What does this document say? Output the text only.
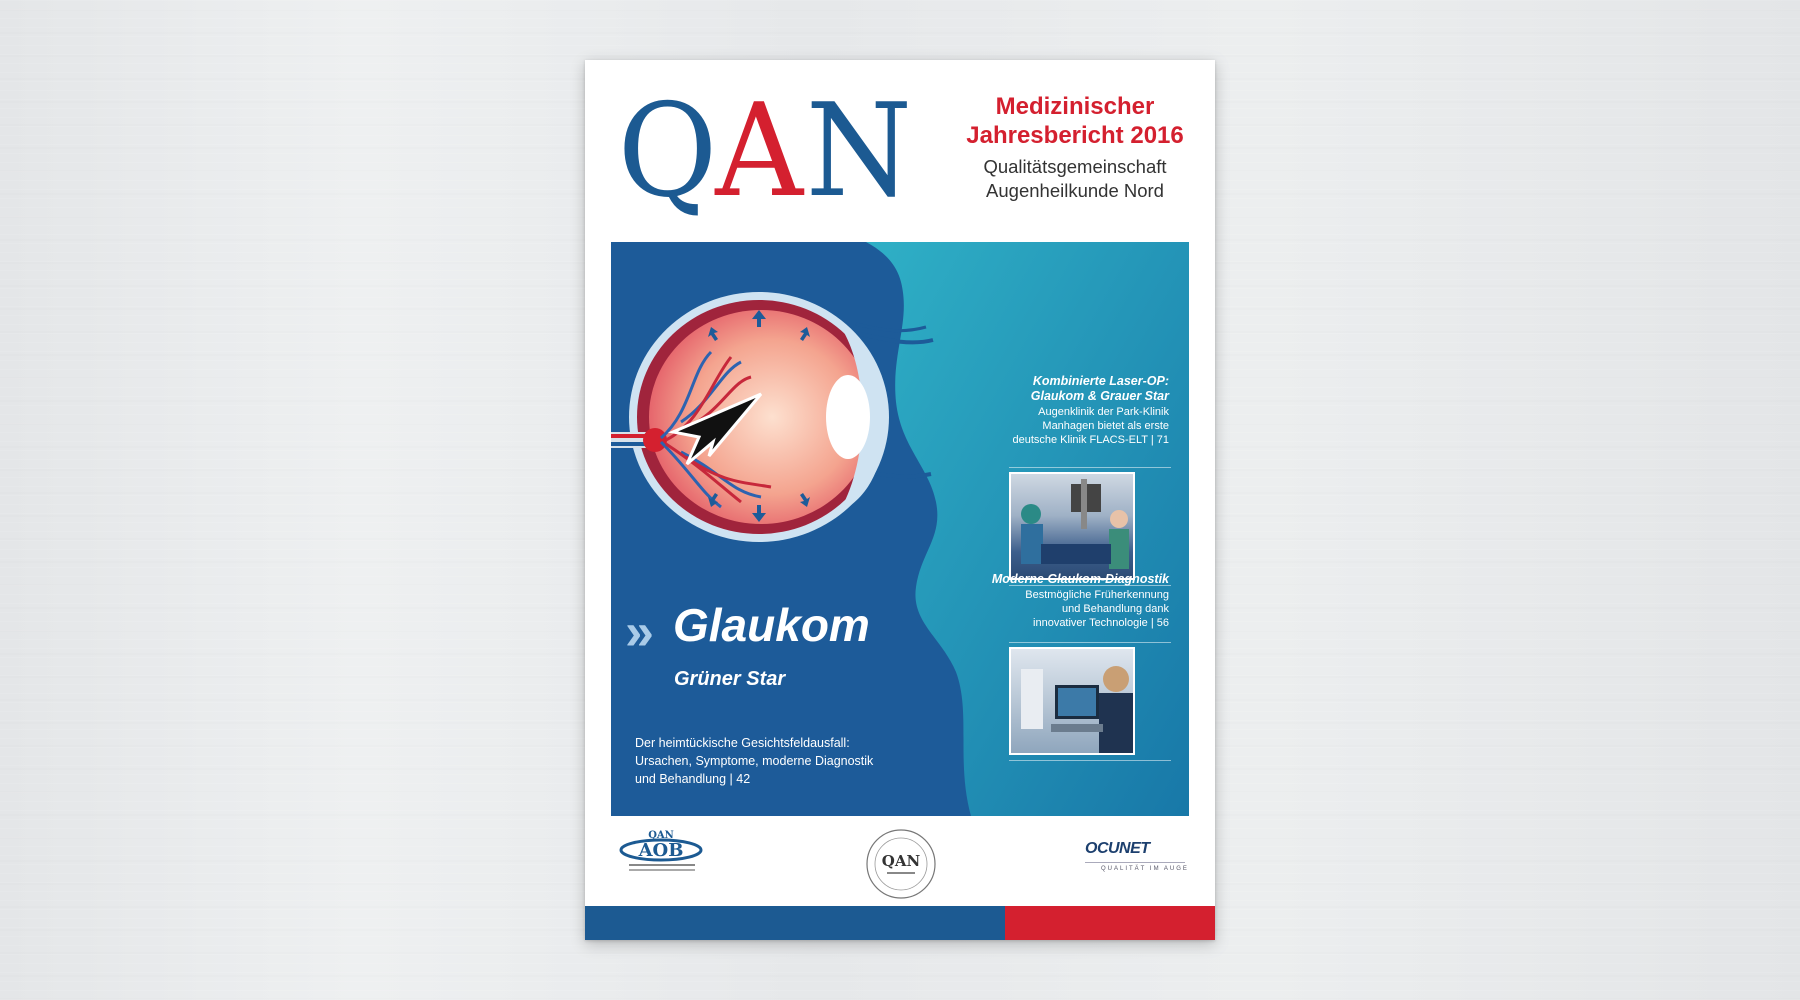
Q
A N	Medizinischer
Jahresbericht 2016
Qualitätsgemeinschaft
Augenheilkunde Nord
Kombinierte Laser-OP:
Glaukom & Grauer Star
Augenklinik der Park-Klinik
Manhagen bietet als erste
deutsche Klinik FLACS-ELT | 71
Moderne Glaukom-Diagnostik
Bestmögliche Früherkennung
und Behandlung dank
innovativer Technologie | 56
» Glaukom
Grüner Star
Der heimtückische Gesichtsfeldausfall:
Ursachen, Symptome, moderne Diagnostik
und Behandlung | 42
QAN
AOB	QAN
OCUNET
QUALITÄT IM AUGE
